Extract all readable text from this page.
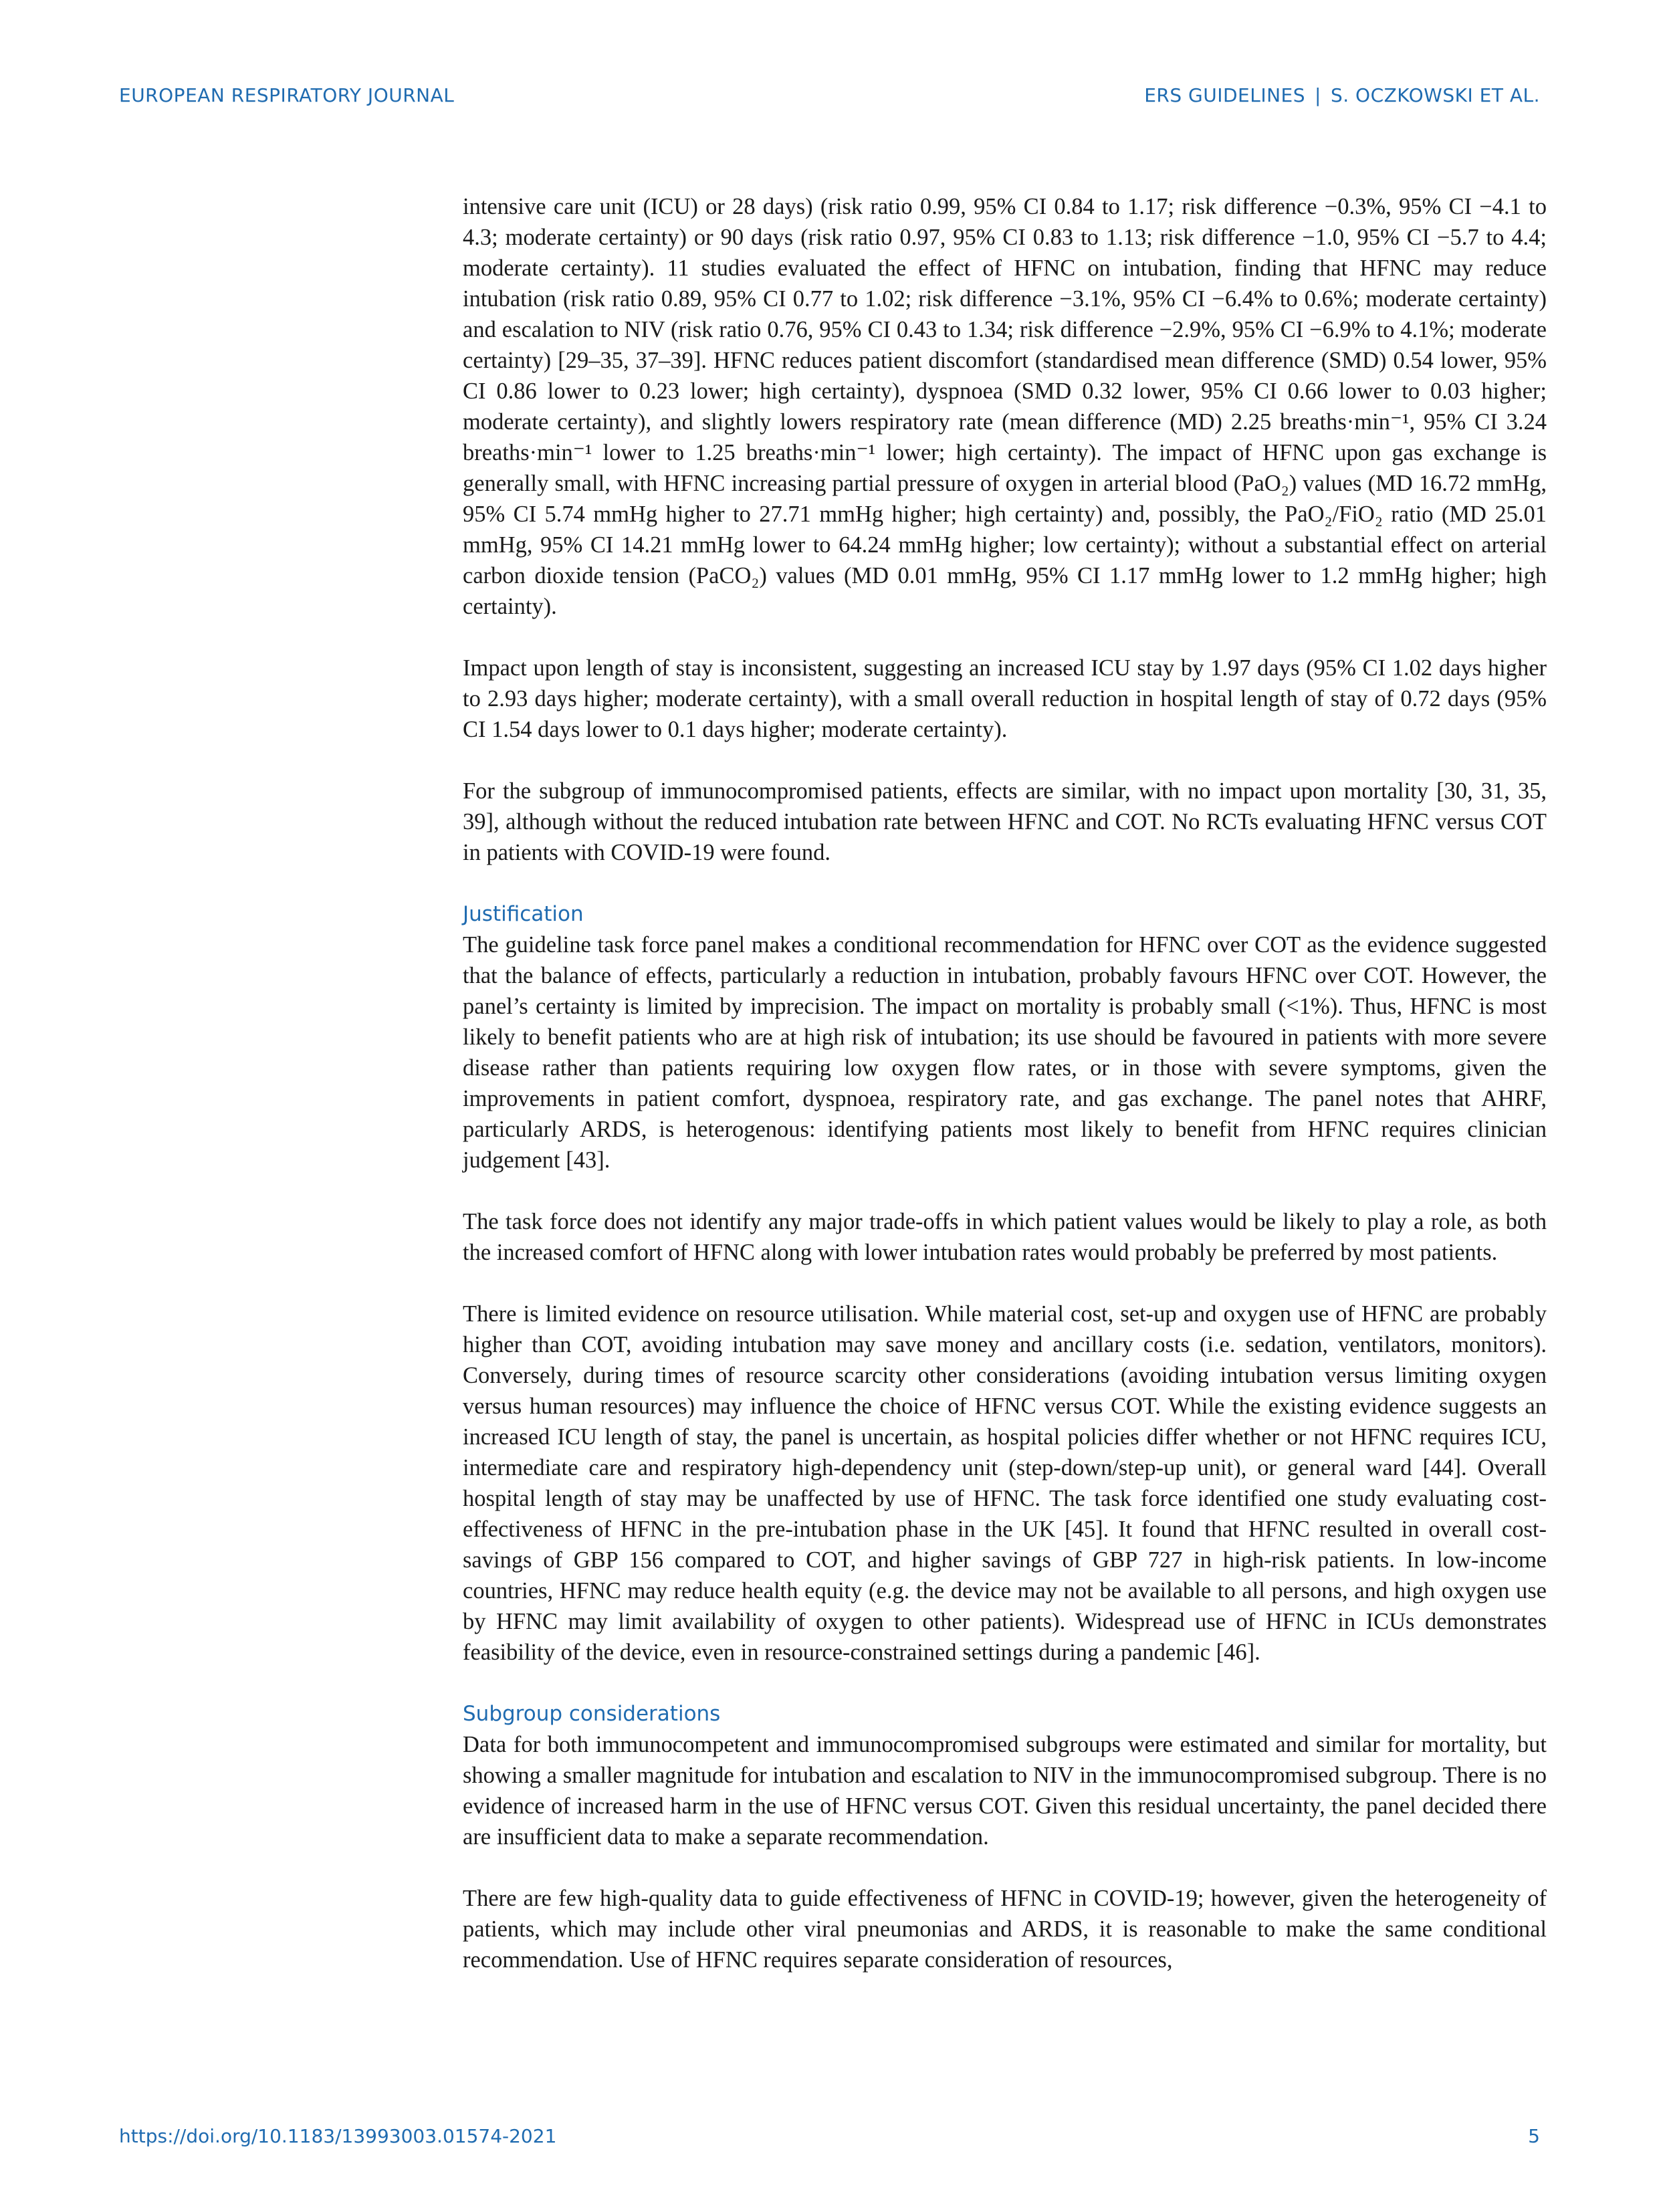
EUROPEAN RESPIRATORY JOURNAL	ERS GUIDELINES | S. OCZKOWSKI ET AL.

intensive care unit (ICU) or 28 days) (risk ratio 0.99, 95% CI 0.84 to 1.17; risk difference −0.3%, 95% CI −4.1 to 4.3; moderate certainty) or 90 days (risk ratio 0.97, 95% CI 0.83 to 1.13; risk difference −1.0, 95% CI −5.7 to 4.4; moderate certainty). 11 studies evaluated the effect of HFNC on intubation, finding that HFNC may reduce intubation (risk ratio 0.89, 95% CI 0.77 to 1.02; risk difference −3.1%, 95% CI −6.4% to 0.6%; moderate certainty) and escalation to NIV (risk ratio 0.76, 95% CI 0.43 to 1.34; risk difference −2.9%, 95% CI −6.9% to 4.1%; moderate certainty) [29–35, 37–39]. HFNC reduces patient discomfort (standardised mean difference (SMD) 0.54 lower, 95% CI 0.86 lower to 0.23 lower; high certainty), dyspnoea (SMD 0.32 lower, 95% CI 0.66 lower to 0.03 higher; moderate certainty), and slightly lowers respiratory rate (mean difference (MD) 2.25 breaths·min⁻¹, 95% CI 3.24 breaths·min⁻¹ lower to 1.25 breaths·min⁻¹ lower; high certainty). The impact of HFNC upon gas exchange is generally small, with HFNC increasing partial pressure of oxygen in arterial blood (PaO₂) values (MD 16.72 mmHg, 95% CI 5.74 mmHg higher to 27.71 mmHg higher; high certainty) and, possibly, the PaO₂/FiO₂ ratio (MD 25.01 mmHg, 95% CI 14.21 mmHg lower to 64.24 mmHg higher; low certainty); without a substantial effect on arterial carbon dioxide tension (PaCO₂) values (MD 0.01 mmHg, 95% CI 1.17 mmHg lower to 1.2 mmHg higher; high certainty).

Impact upon length of stay is inconsistent, suggesting an increased ICU stay by 1.97 days (95% CI 1.02 days higher to 2.93 days higher; moderate certainty), with a small overall reduction in hospital length of stay of 0.72 days (95% CI 1.54 days lower to 0.1 days higher; moderate certainty).

For the subgroup of immunocompromised patients, effects are similar, with no impact upon mortality [30, 31, 35, 39], although without the reduced intubation rate between HFNC and COT. No RCTs evaluating HFNC versus COT in patients with COVID-19 were found.

Justification

The guideline task force panel makes a conditional recommendation for HFNC over COT as the evidence suggested that the balance of effects, particularly a reduction in intubation, probably favours HFNC over COT. However, the panel’s certainty is limited by imprecision. The impact on mortality is probably small (<1%). Thus, HFNC is most likely to benefit patients who are at high risk of intubation; its use should be favoured in patients with more severe disease rather than patients requiring low oxygen flow rates, or in those with severe symptoms, given the improvements in patient comfort, dyspnoea, respiratory rate, and gas exchange. The panel notes that AHRF, particularly ARDS, is heterogenous: identifying patients most likely to benefit from HFNC requires clinician judgement [43].

The task force does not identify any major trade-offs in which patient values would be likely to play a role, as both the increased comfort of HFNC along with lower intubation rates would probably be preferred by most patients.

There is limited evidence on resource utilisation. While material cost, set-up and oxygen use of HFNC are probably higher than COT, avoiding intubation may save money and ancillary costs (i.e. sedation, ventilators, monitors). Conversely, during times of resource scarcity other considerations (avoiding intubation versus limiting oxygen versus human resources) may influence the choice of HFNC versus COT. While the existing evidence suggests an increased ICU length of stay, the panel is uncertain, as hospital policies differ whether or not HFNC requires ICU, intermediate care and respiratory high-dependency unit (step-down/step-up unit), or general ward [44]. Overall hospital length of stay may be unaffected by use of HFNC. The task force identified one study evaluating cost-effectiveness of HFNC in the pre-intubation phase in the UK [45]. It found that HFNC resulted in overall cost-savings of GBP 156 compared to COT, and higher savings of GBP 727 in high-risk patients. In low-income countries, HFNC may reduce health equity (e.g. the device may not be available to all persons, and high oxygen use by HFNC may limit availability of oxygen to other patients). Widespread use of HFNC in ICUs demonstrates feasibility of the device, even in resource-constrained settings during a pandemic [46].

Subgroup considerations

Data for both immunocompetent and immunocompromised subgroups were estimated and similar for mortality, but showing a smaller magnitude for intubation and escalation to NIV in the immunocompromised subgroup. There is no evidence of increased harm in the use of HFNC versus COT. Given this residual uncertainty, the panel decided there are insufficient data to make a separate recommendation.

There are few high-quality data to guide effectiveness of HFNC in COVID-19; however, given the heterogeneity of patients, which may include other viral pneumonias and ARDS, it is reasonable to make the same conditional recommendation. Use of HFNC requires separate consideration of resources,

https://doi.org/10.1183/13993003.01574-2021	5
